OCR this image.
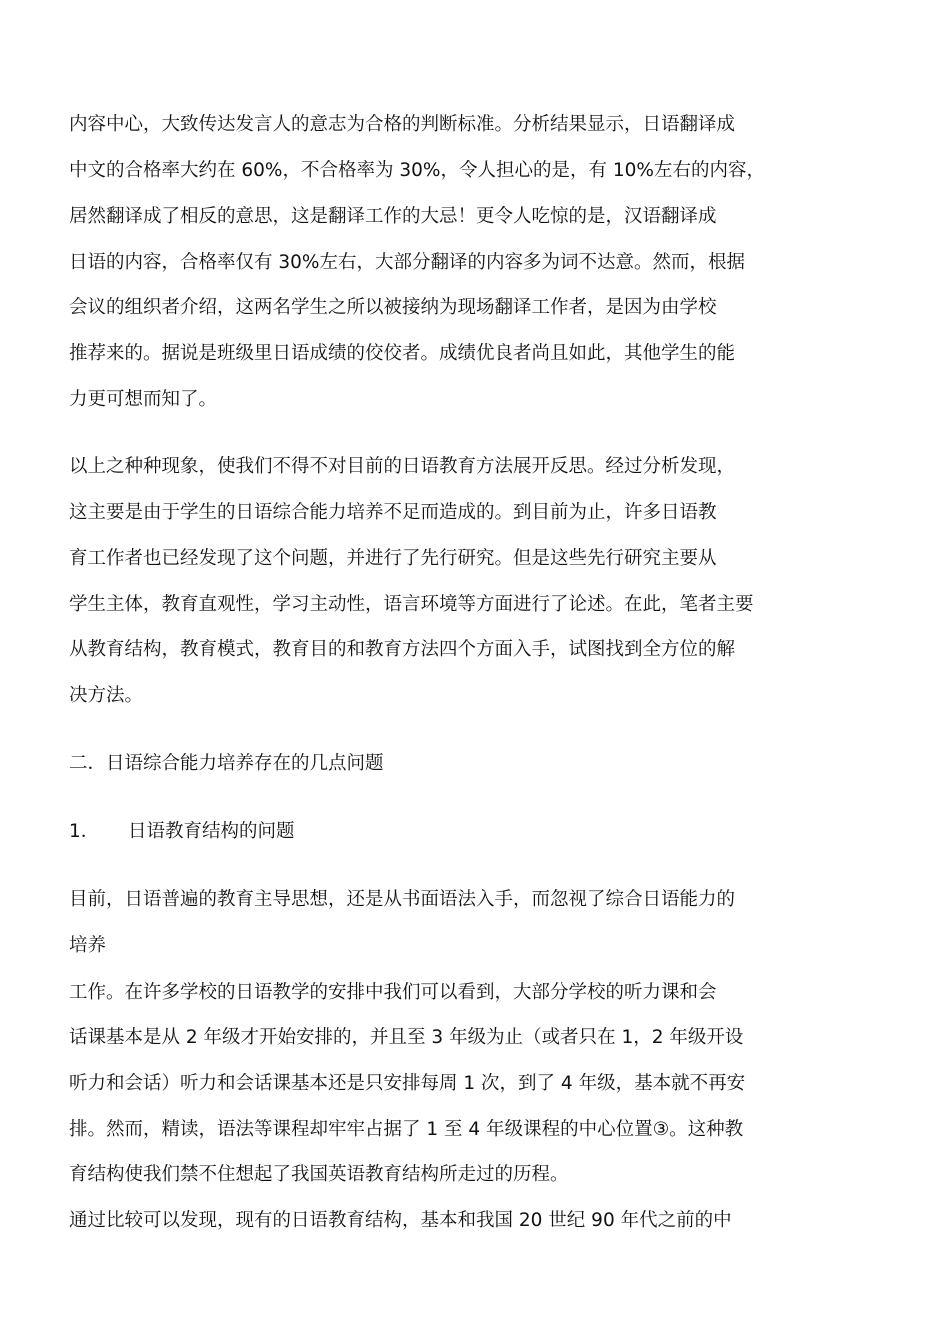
内容中心，大致传达发言人的意志为合格的判断标准。分析结果显示，日语翻译成
中文的合格率大约在 60%，不合格率为 30%，令人担心的是，有 10%左右的内容，
居然翻译成了相反的意思，这是翻译工作的大忌！更令人吃惊的是，汉语翻译成
日语的内容，合格率仅有 30%左右，大部分翻译的内容多为词不达意。然而，根据
会议的组织者介绍，这两名学生之所以被接纳为现场翻译工作者，是因为由学校
推荐来的。据说是班级里日语成绩的佼佼者。成绩优良者尚且如此，其他学生的能
力更可想而知了。
以上之种种现象，使我们不得不对目前的日语教育方法展开反思。经过分析发现，
这主要是由于学生的日语综合能力培养不足而造成的。到目前为止，许多日语教
育工作者也已经发现了这个问题，并进行了先行研究。但是这些先行研究主要从
学生主体，教育直观性，学习主动性，语言环境等方面进行了论述。在此，笔者主要
从教育结构，教育模式，教育目的和教育方法四个方面入手，试图找到全方位的解
决方法。
二．日语综合能力培养存在的几点问题
1． 日语教育结构的问题
目前，日语普遍的教育主导思想，还是从书面语法入手，而忽视了综合日语能力的
培养
工作。在许多学校的日语教学的安排中我们可以看到，大部分学校的听力课和会
话课基本是从 2 年级才开始安排的，并且至 3 年级为止（或者只在 1，2 年级开设
听力和会话）听力和会话课基本还是只安排每周 1 次，到了 4 年级，基本就不再安
排。然而，精读，语法等课程却牢牢占据了 1 至 4 年级课程的中心位置③。这种教
育结构使我们禁不住想起了我国英语教育结构所走过的历程。
通过比较可以发现，现有的日语教育结构，基本和我国 20 世纪 90 年代之前的中
